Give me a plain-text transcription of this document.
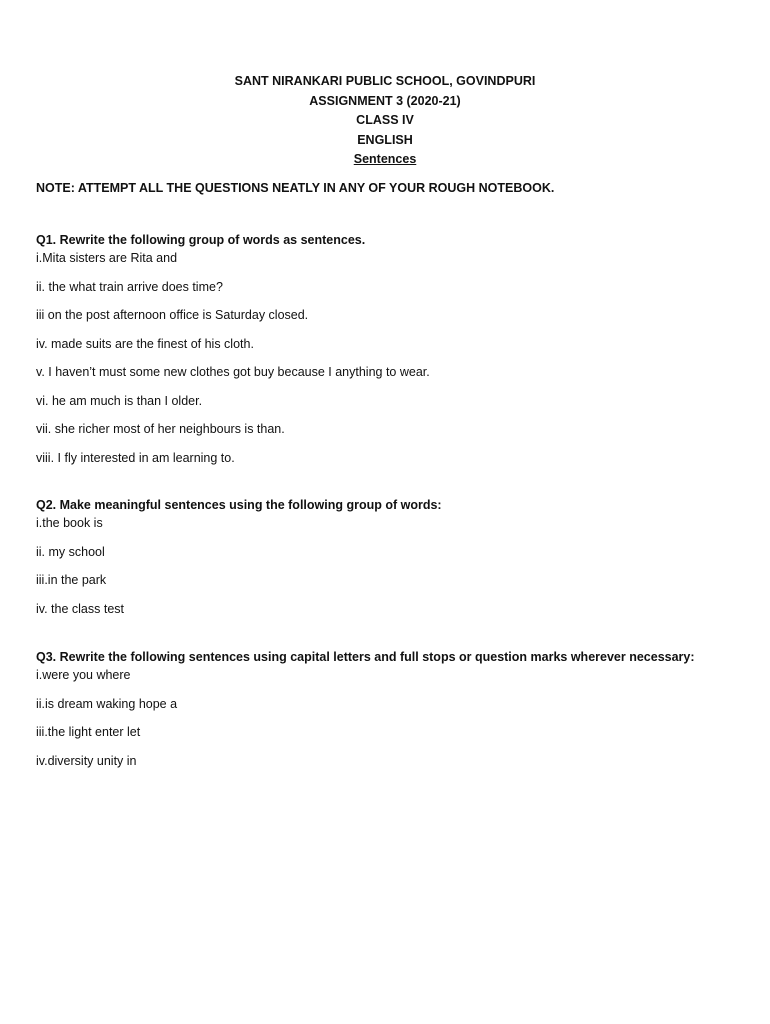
SANT NIRANKARI PUBLIC SCHOOL, GOVINDPURI
ASSIGNMENT 3 (2020-21)
CLASS IV
ENGLISH
Sentences
NOTE: ATTEMPT ALL THE QUESTIONS NEATLY IN ANY OF YOUR ROUGH NOTEBOOK.
Q1. Rewrite the following group of words as sentences.
i.Mita sisters are Rita and
ii. the what train arrive does time?
iii on the post afternoon office is Saturday closed.
iv. made suits are the finest of his cloth.
v. I haven’t must some new clothes got buy because I anything to wear.
vi. he am much is than I older.
vii. she richer most of her neighbours is than.
viii. I fly interested in am learning to.
Q2. Make meaningful sentences using the following group of words:
i.the book is
ii. my school
iii.in the park
iv. the class test
Q3. Rewrite the following sentences using capital letters and full stops or question marks wherever necessary:
i.were you where
ii.is dream waking hope a
iii.the light enter let
iv.diversity unity in
